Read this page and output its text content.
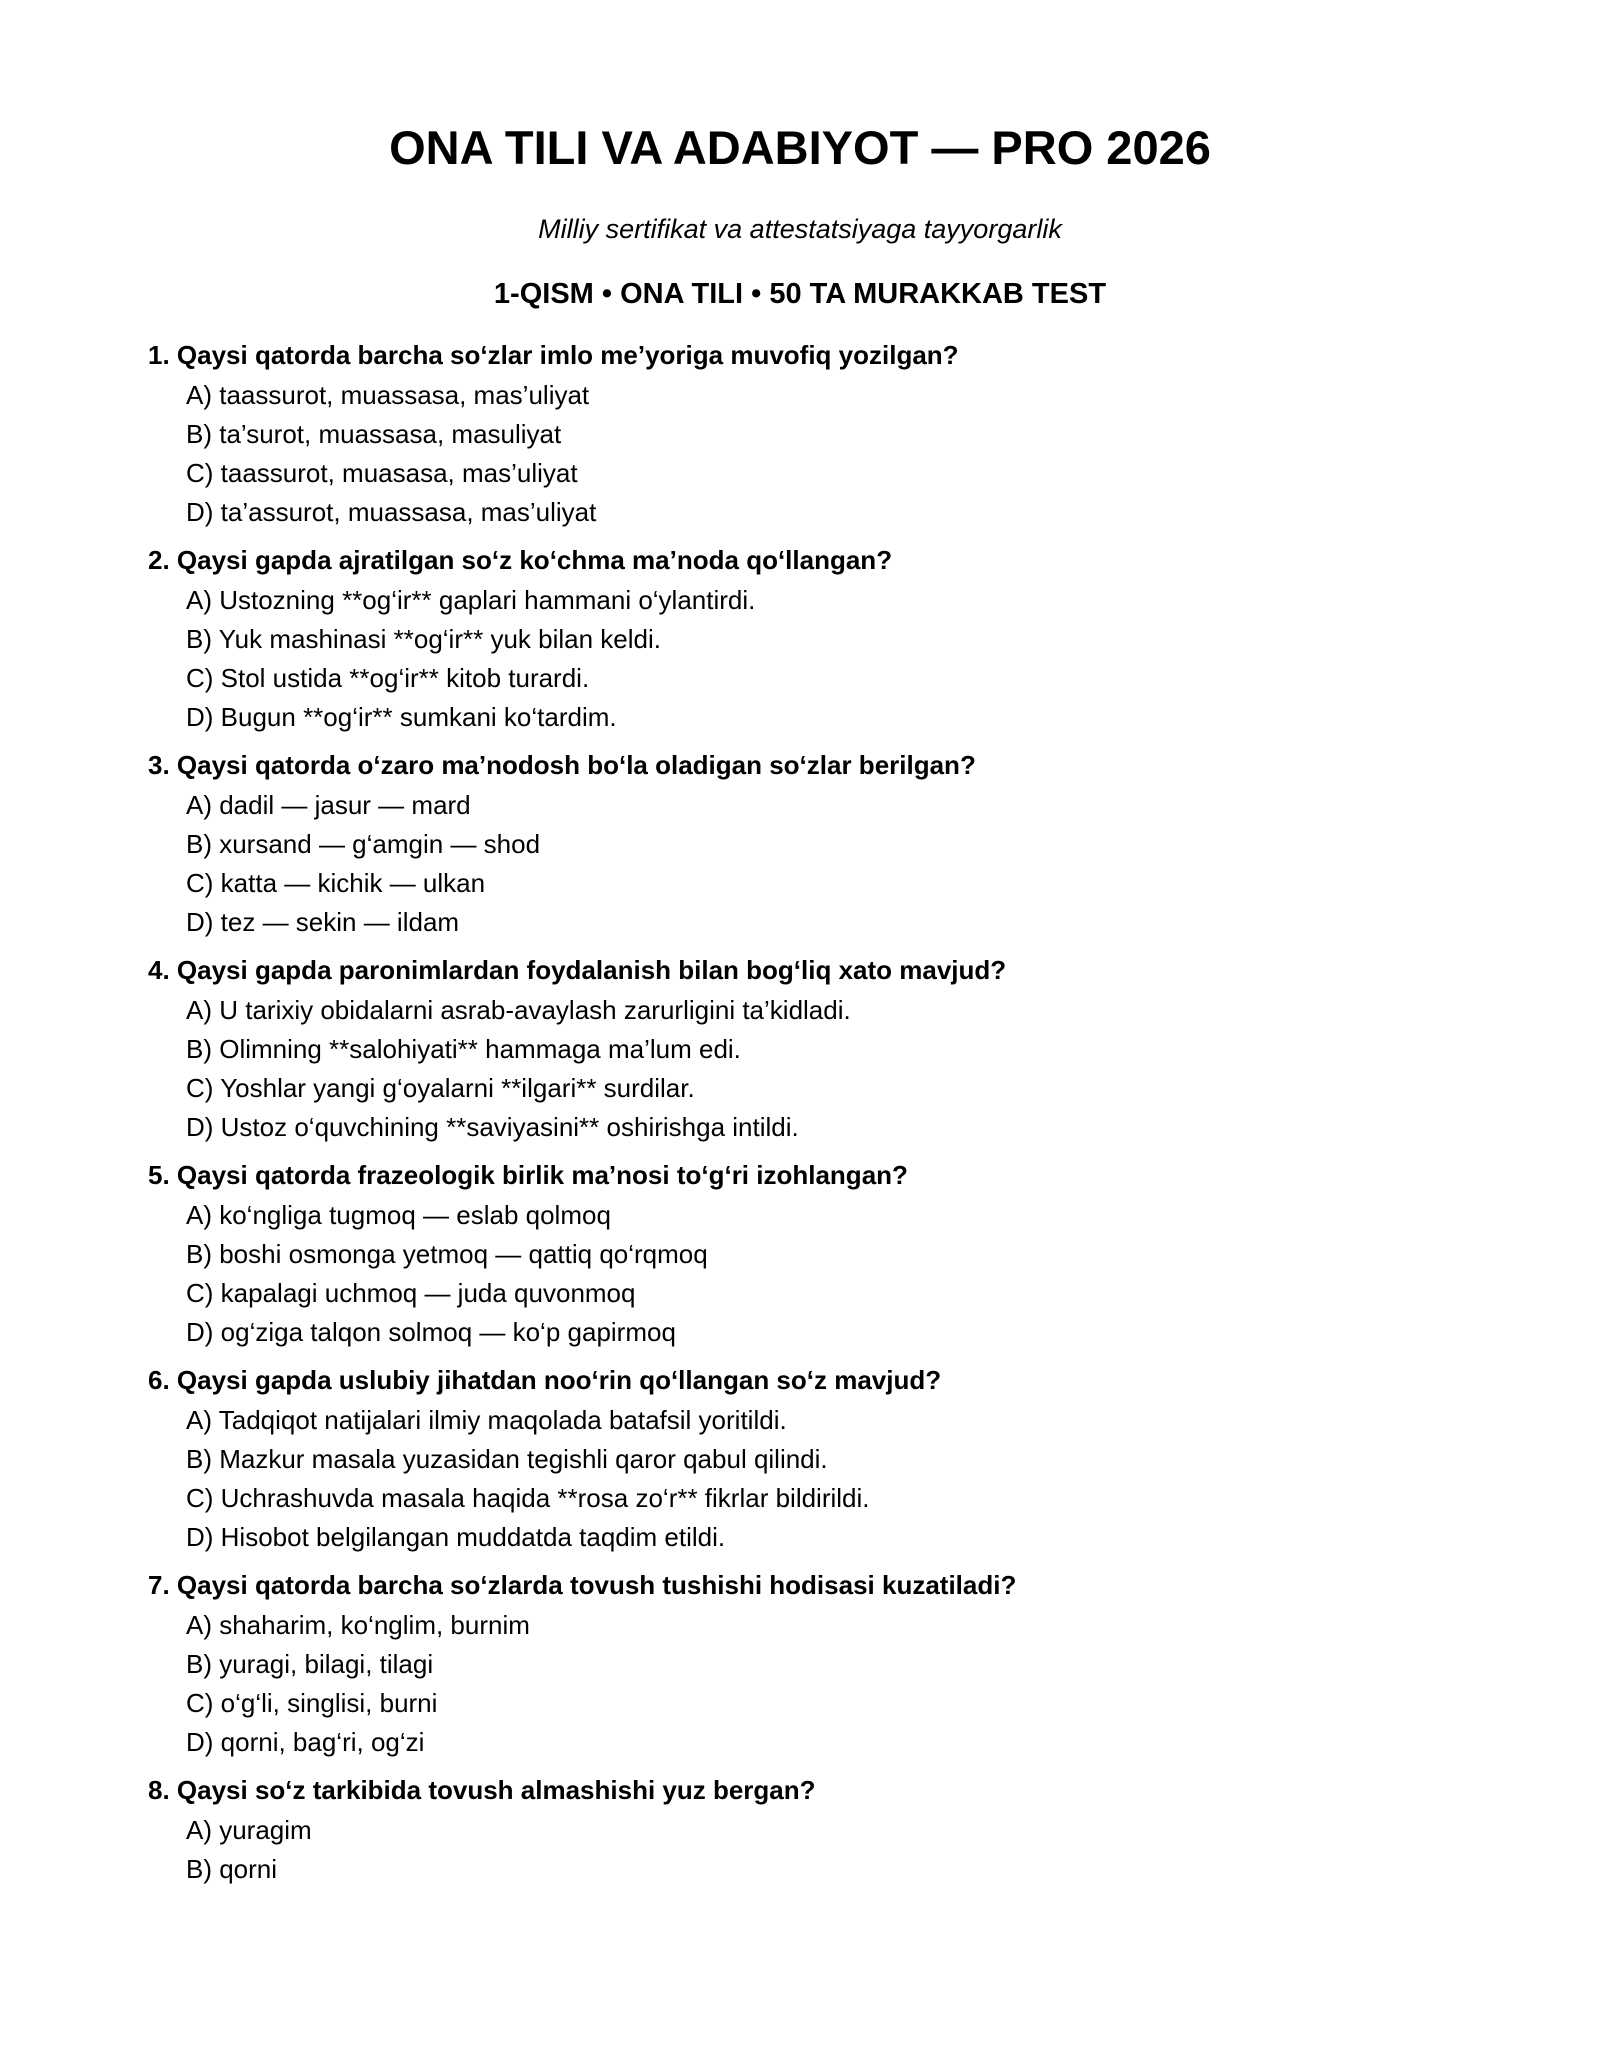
ONA TILI VA ADABIYOT — PRO 2026

Milliy sertifikat va attestatsiyaga tayyorgarlik

1-QISM • ONA TILI • 50 TA MURAKKAB TEST
1. Qaysi qatorda barcha so‘zlar imlo me’yoriga muvofiq yozilgan?
A) taassurot, muassasa, mas’uliyat
B) ta’surot, muassasa, masuliyat
C) taassurot, muasasa, mas’uliyat
D) ta’assurot, muassasa, mas’uliyat
2. Qaysi gapda ajratilgan so‘z ko‘chma ma’noda qo‘llangan?
A) Ustozning **og‘ir** gaplari hammani o‘ylantirdi.
B) Yuk mashinasi **og‘ir** yuk bilan keldi.
C) Stol ustida **og‘ir** kitob turardi.
D) Bugun **og‘ir** sumkani ko‘tardim.
3. Qaysi qatorda o‘zaro ma’nodosh bo‘la oladigan so‘zlar berilgan?
A) dadil — jasur — mard
B) xursand — g‘amgin — shod
C) katta — kichik — ulkan
D) tez — sekin — ildam
4. Qaysi gapda paronimlardan foydalanish bilan bog‘liq xato mavjud?
A) U tarixiy obidalarni asrab-avaylash zarurligini ta’kidladi.
B) Olimning **salohiyati** hammaga ma’lum edi.
C) Yoshlar yangi g‘oyalarni **ilgari** surdilar.
D) Ustoz o‘quvchining **saviyasini** oshirishga intildi.
5. Qaysi qatorda frazeologik birlik ma’nosi to‘g‘ri izohlangan?
A) ko‘ngliga tugmoq — eslab qolmoq
B) boshi osmonga yetmoq — qattiq qo‘rqmoq
C) kapalagi uchmoq — juda quvonmoq
D) og‘ziga talqon solmoq — ko‘p gapirmoq
6. Qaysi gapda uslubiy jihatdan noo‘rin qo‘llangan so‘z mavjud?
A) Tadqiqot natijalari ilmiy maqolada batafsil yoritildi.
B) Mazkur masala yuzasidan tegishli qaror qabul qilindi.
C) Uchrashuvda masala haqida **rosa zo‘r** fikrlar bildirildi.
D) Hisobot belgilangan muddatda taqdim etildi.
7. Qaysi qatorda barcha so‘zlarda tovush tushishi hodisasi kuzatiladi?
A) shaharim, ko‘nglim, burnim
B) yuragi, bilagi, tilagi
C) o‘g‘li, singlisi, burni
D) qorni, bag‘ri, og‘zi
8. Qaysi so‘z tarkibida tovush almashishi yuz bergan?
A) yuragim
B) qorni
